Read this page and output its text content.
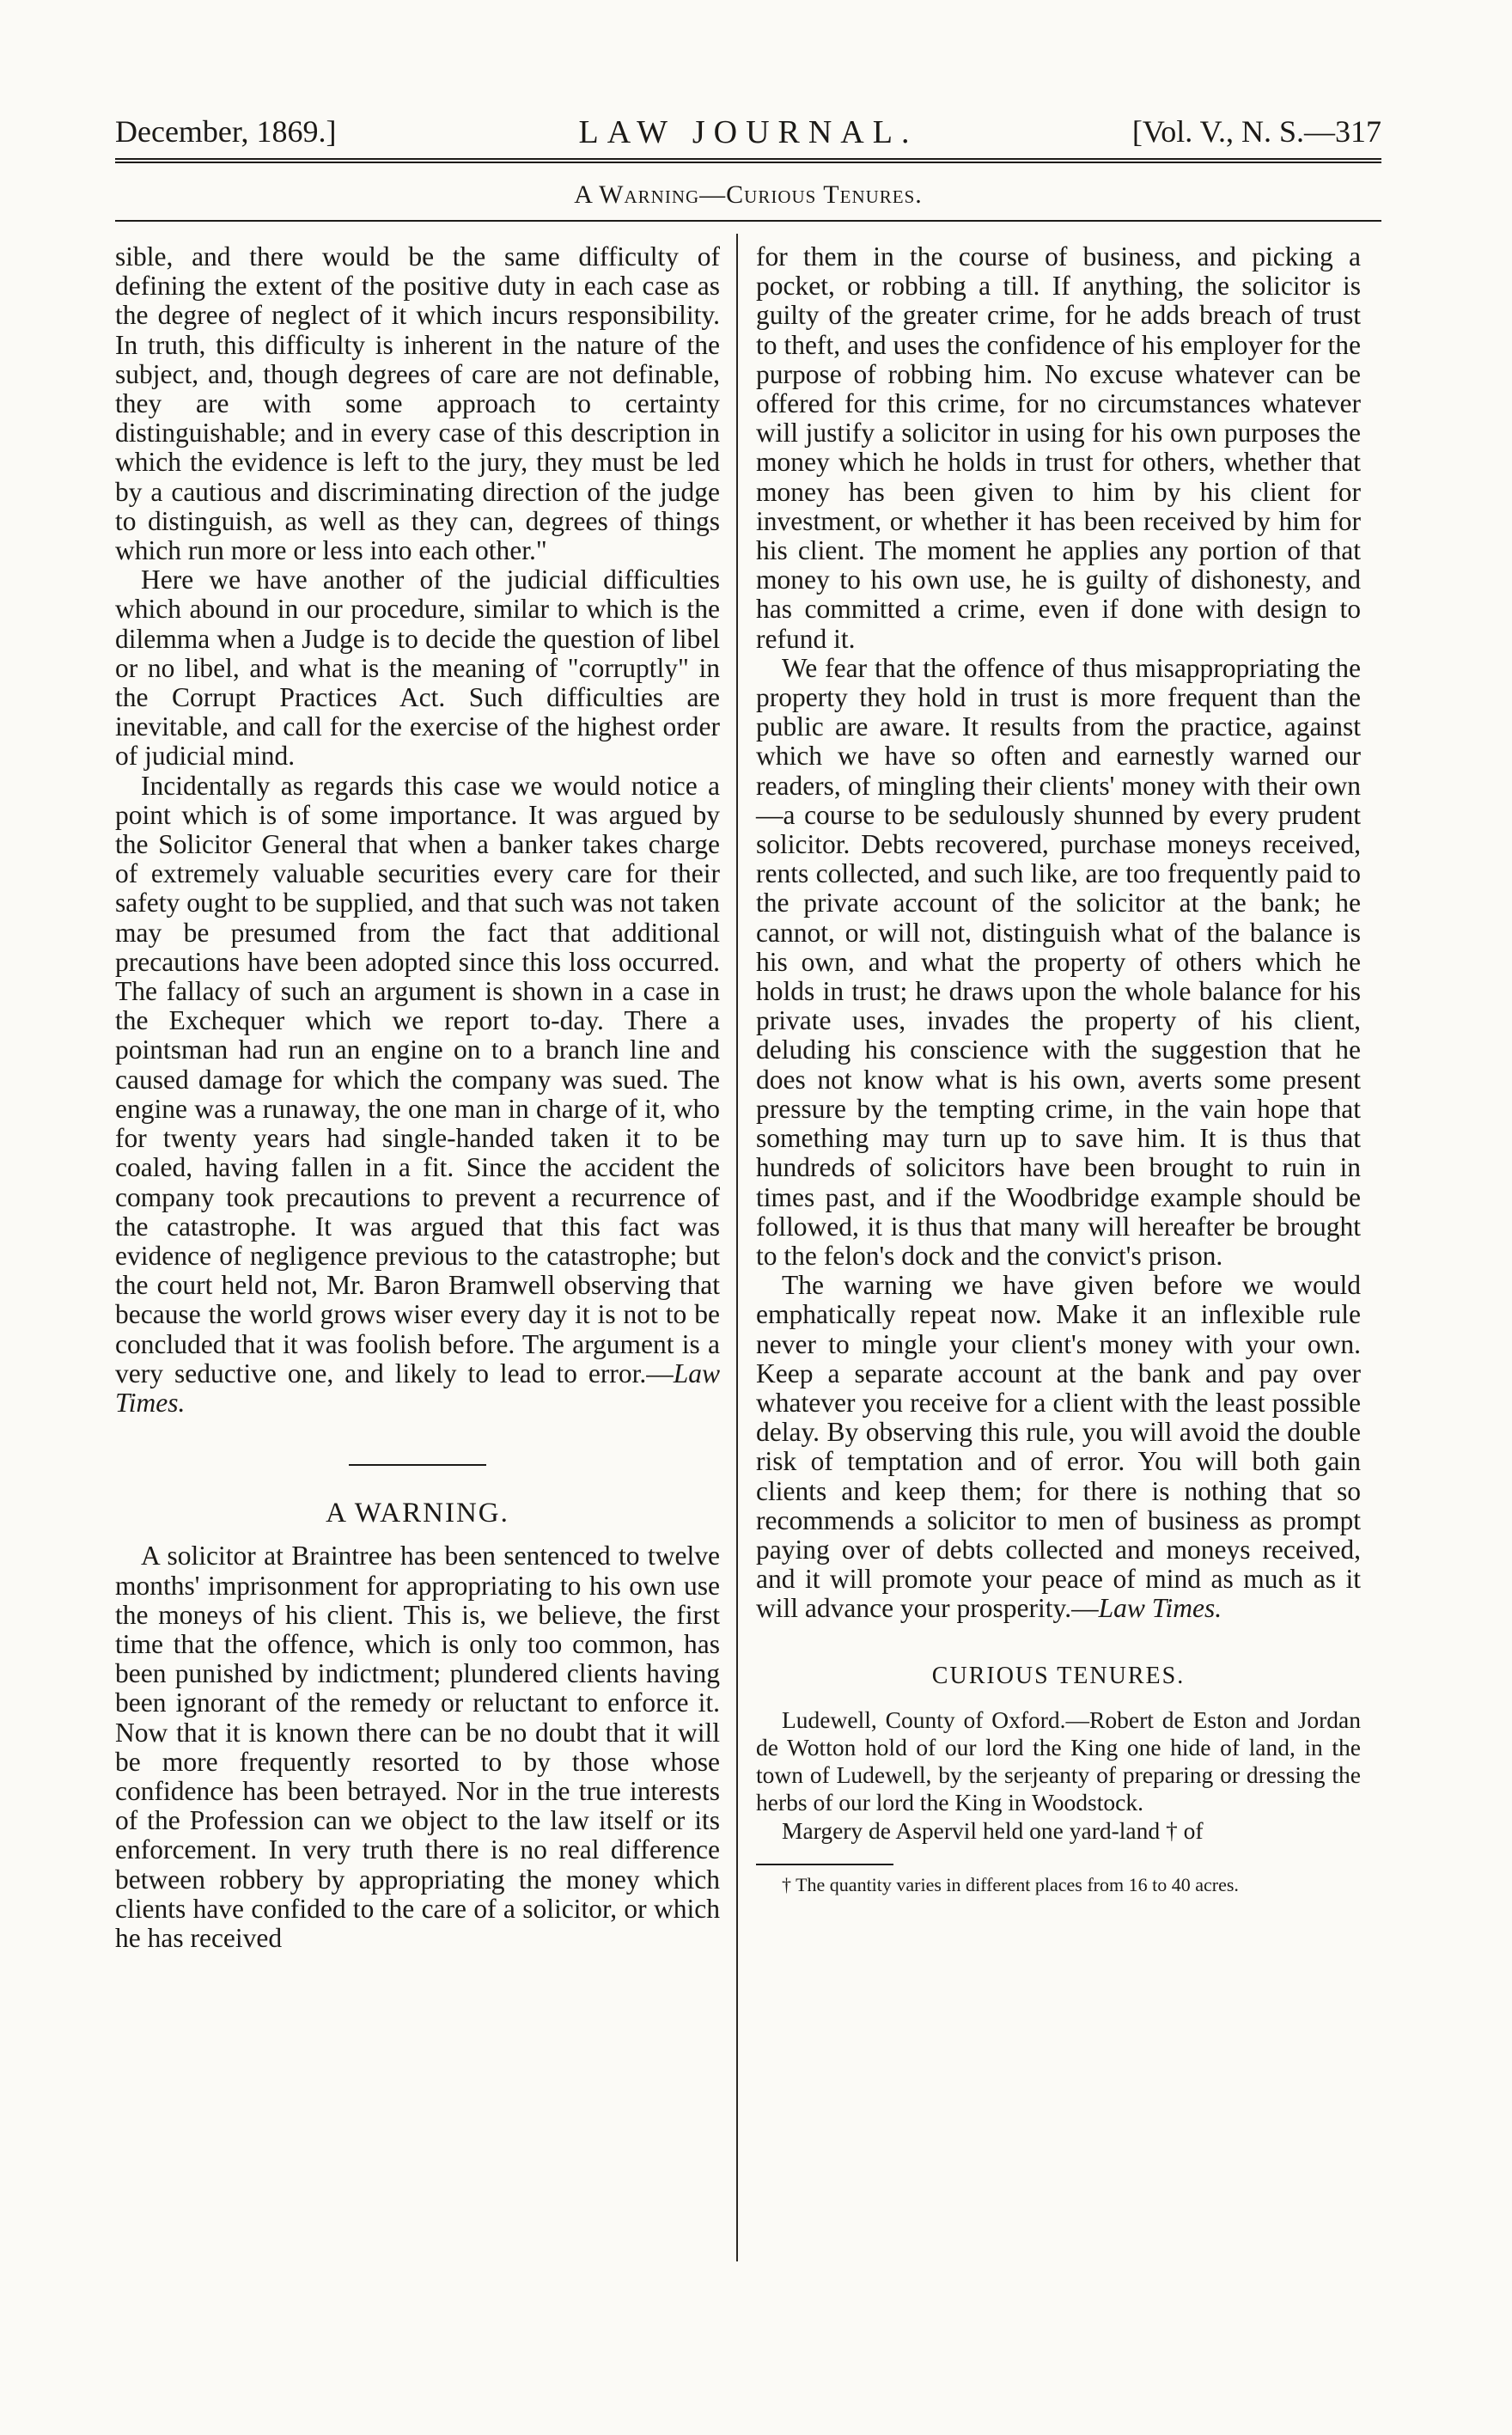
December, 1869.]	LAW JOURNAL.	[Vol. V., N. S.—317
A Warning—Curious Tenures.

sible, and there would be the same difficulty of defining the extent of the positive duty in each case as the degree of neglect of it which incurs responsibility. In truth, this difficulty is inherent in the nature of the subject, and, though degrees of care are not definable, they are with some approach to certainty distinguishable; and in every case of this description in which the evidence is left to the jury, they must be led by a cautious and discriminating direction of the judge to distinguish, as well as they can, degrees of things which run more or less into each other."

Here we have another of the judicial difficulties which abound in our procedure, similar to which is the dilemma when a Judge is to decide the question of libel or no libel, and what is the meaning of "corruptly" in the Corrupt Practices Act. Such difficulties are inevitable, and call for the exercise of the highest order of judicial mind.

Incidentally as regards this case we would notice a point which is of some importance. It was argued by the Solicitor General that when a banker takes charge of extremely valuable securities every care for their safety ought to be supplied, and that such was not taken may be presumed from the fact that additional precautions have been adopted since this loss occurred. The fallacy of such an argument is shown in a case in the Exchequer which we report to-day. There a pointsman had run an engine on to a branch line and caused damage for which the company was sued. The engine was a runaway, the one man in charge of it, who for twenty years had single-handed taken it to be coaled, having fallen in a fit. Since the accident the company took precautions to prevent a recurrence of the catastrophe. It was argued that this fact was evidence of negligence previous to the catastrophe; but the court held not, Mr. Baron Bramwell observing that because the world grows wiser every day it is not to be concluded that it was foolish before. The argument is a very seductive one, and likely to lead to error.—Law Times.

A WARNING.

A solicitor at Braintree has been sentenced to twelve months' imprisonment for appropriating to his own use the moneys of his client. This is, we believe, the first time that the offence, which is only too common, has been punished by indictment; plundered clients having been ignorant of the remedy or reluctant to enforce it. Now that it is known there can be no doubt that it will be more frequently resorted to by those whose confidence has been betrayed. Nor in the true interests of the Profession can we object to the law itself or its enforcement. In very truth there is no real difference between robbery by appropriating the money which clients have confided to the care of a solicitor, or which he has received

for them in the course of business, and picking a pocket, or robbing a till. If anything, the solicitor is guilty of the greater crime, for he adds breach of trust to theft, and uses the confidence of his employer for the purpose of robbing him. No excuse whatever can be offered for this crime, for no circumstances whatever will justify a solicitor in using for his own purposes the money which he holds in trust for others, whether that money has been given to him by his client for investment, or whether it has been received by him for his client. The moment he applies any portion of that money to his own use, he is guilty of dishonesty, and has committed a crime, even if done with design to refund it.

We fear that the offence of thus misappropriating the property they hold in trust is more frequent than the public are aware. It results from the practice, against which we have so often and earnestly warned our readers, of mingling their clients' money with their own—a course to be sedulously shunned by every prudent solicitor. Debts recovered, purchase moneys received, rents collected, and such like, are too frequently paid to the private account of the solicitor at the bank; he cannot, or will not, distinguish what of the balance is his own, and what the property of others which he holds in trust; he draws upon the whole balance for his private uses, invades the property of his client, deluding his conscience with the suggestion that he does not know what is his own, averts some present pressure by the tempting crime, in the vain hope that something may turn up to save him. It is thus that hundreds of solicitors have been brought to ruin in times past, and if the Woodbridge example should be followed, it is thus that many will hereafter be brought to the felon's dock and the convict's prison.

The warning we have given before we would emphatically repeat now. Make it an inflexible rule never to mingle your client's money with your own. Keep a separate account at the bank and pay over whatever you receive for a client with the least possible delay. By observing this rule, you will avoid the double risk of temptation and of error. You will both gain clients and keep them; for there is nothing that so recommends a solicitor to men of business as prompt paying over of debts collected and moneys received, and it will promote your peace of mind as much as it will advance your prosperity.—Law Times.

CURIOUS TENURES.

Ludewell, County of Oxford.—Robert de Eston and Jordan de Wotton hold of our lord the King one hide of land, in the town of Ludewell, by the serjeanty of preparing or dressing the herbs of our lord the King in Woodstock.

Margery de Aspervil held one yard-land † of

† The quantity varies in different places from 16 to 40 acres.
